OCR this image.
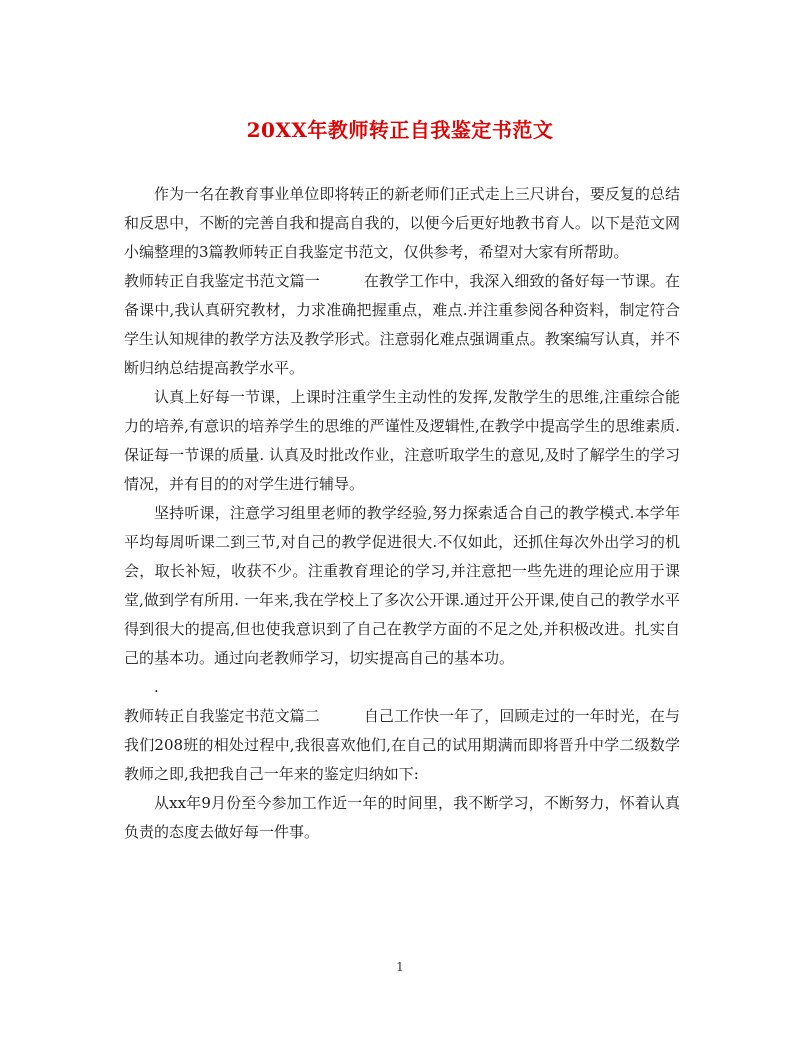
20XX年教师转正自我鉴定书范文

作为一名在教育事业单位即将转正的新老师们正式走上三尺讲台，要反复的总结和反思中，不断的完善自我和提高自我的，以便今后更好地教书育人。以下是范文网小编整理的3篇教师转正自我鉴定书范文，仅供参考，希望对大家有所帮助。

教师转正自我鉴定书范文篇一	在教学工作中，我深入细致的备好每一节课。在备课中,我认真研究教材，力求准确把握重点，难点.并注重参阅各种资料，制定符合学生认知规律的教学方法及教学形式。注意弱化难点强调重点。教案编写认真，并不断归纳总结提高教学水平。

认真上好每一节课，上课时注重学生主动性的发挥,发散学生的思维,注重综合能力的培养,有意识的培养学生的思维的严谨性及逻辑性,在教学中提高学生的思维素质.保证每一节课的质量. 认真及时批改作业，注意听取学生的意见,及时了解学生的学习情况，并有目的的对学生进行辅导。

坚持听课，注意学习组里老师的教学经验,努力探索适合自己的教学模式.本学年平均每周听课二到三节,对自己的教学促进很大.不仅如此，还抓住每次外出学习的机会，取长补短，收获不少。注重教育理论的学习,并注意把一些先进的理论应用于课堂,做到学有所用. 一年来,我在学校上了多次公开课.通过开公开课,使自己的教学水平得到很大的提高,但也使我意识到了自己在教学方面的不足之处,并积极改进。扎实自己的基本功。通过向老教师学习，切实提高自己的基本功。

.

教师转正自我鉴定书范文篇二	自己工作快一年了，回顾走过的一年时光，在与我们208班的相处过程中,我很喜欢他们,在自己的试用期满而即将晋升中学二级数学教师之即,我把我自己一年来的鉴定归纳如下:

从xx年9月份至今参加工作近一年的时间里，我不断学习，不断努力，怀着认真负责的态度去做好每一件事。

1
